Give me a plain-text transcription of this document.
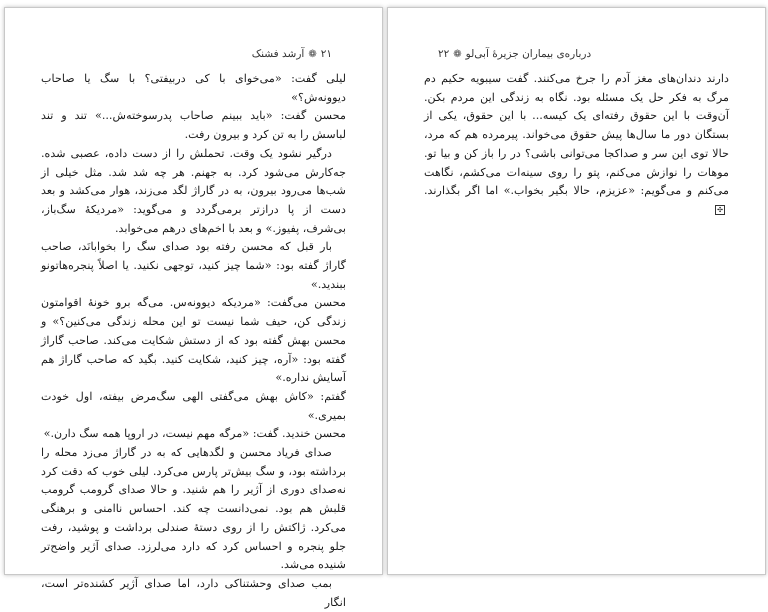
آرشد فشنک ❁ ۲۱

لیلی گفت: «می‌خوای با کی دربیفتی؟ با سگ یا صاحاب دیوونه‌ش؟»

محسن گفت: «باید ببینم صاحاب پدرسوخته‌ش...» تند و تند لباسش را به تن کرد و بیرون رفت.

درگیر نشود یک وقت. تحملش را از دست داده، عصبی شده. جه‌کارش می‌شود کرد. به جهنم. هر چه شد شد. مثل خیلی از شب‌ها می‌رود بیرون، به در گاراژ لگد می‌زند، هوار می‌کشد و بعد دست از پا درازتر برمی‌گردد و می‌گوید: «مردیکهٔ سگ‌باز، بی‌شرف، پفیوز.» و بعد با اخم‌های درهم می‌خوابد.

بار قبل که محسن رفته بود صدای سگ را بخوابانَد، صاحب گاراژ گفته بود: «شما چیز کنید، توجهی نکنید. یا اصلاً پنجره‌هاتونو ببندید.»

محسن می‌گفت: «مردیکه دیوونه‌س. می‌گه برو خونهٔ اقوامتون زندگی کن، حیف شما نیست تو این محله زندگی می‌کنین؟» و محسن بهش گفته بود که از دستش شکایت می‌کند. صاحب گاراژ گفته بود: «آره، چیز کنید، شکایت کنید. بگید که صاحب گاراژ هم آسایش نداره.»

گفتم: «کاش بهش می‌گفتی الهی سگ‌مرض بیفته، اول خودت بمیری.»

محسن خندید. گفت: «مرگه مهم نیست، در اروپا همه سگ دارن.»

صدای فریاد محسن و لگدهایی که به در گاراژ می‌زد محله را برداشته بود، و سگ بیش‌تر پارس می‌کرد. لیلی خوب که دقت کرد نه‌صدای دوری از آژیر را هم شنید. و حالا صدای گرومب گرومب قلبش هم بود. نمی‌دانست چه کند. احساس ناامنی و برهنگی می‌کرد. ژاکتش را از روی دستهٔ صندلی برداشت و پوشید، رفت جلو پنجره و احساس کرد که دارد می‌لرزد. صدای آژیر واضح‌تر شنیده می‌شد.

بمب صدای وحشتناکی دارد، اما صدای آژیر کشنده‌تر است، انگار

۲۲ ❁ درباره‌ی بیماران جزیرهٔ آبی‌لو

دارند دندان‌های مغز آدم را جرخ می‌کنند. گفت سیبویه حکیم دم مرگ به فکر حل یک مسئله بود. نگاه به زندگی این مردم بکن. آن‌وقت با این حقوق رفته‌ای یک کیسه... با این حقوق، یکی از بستگان دور ما سال‌ها پیش حقوق می‌خواند. پیرمرده هم که مرد، حالا توی این سر و صداکجا می‌توانی باشی؟ در را باز کن و بیا تو. موهات را نوازش می‌کنم، پتو را روی سینه‌ات می‌کشم، نگاهت می‌کنم و می‌گویم: «عزیزم، حالا بگیر بخواب.» اما اگر بگذارند. ✣
